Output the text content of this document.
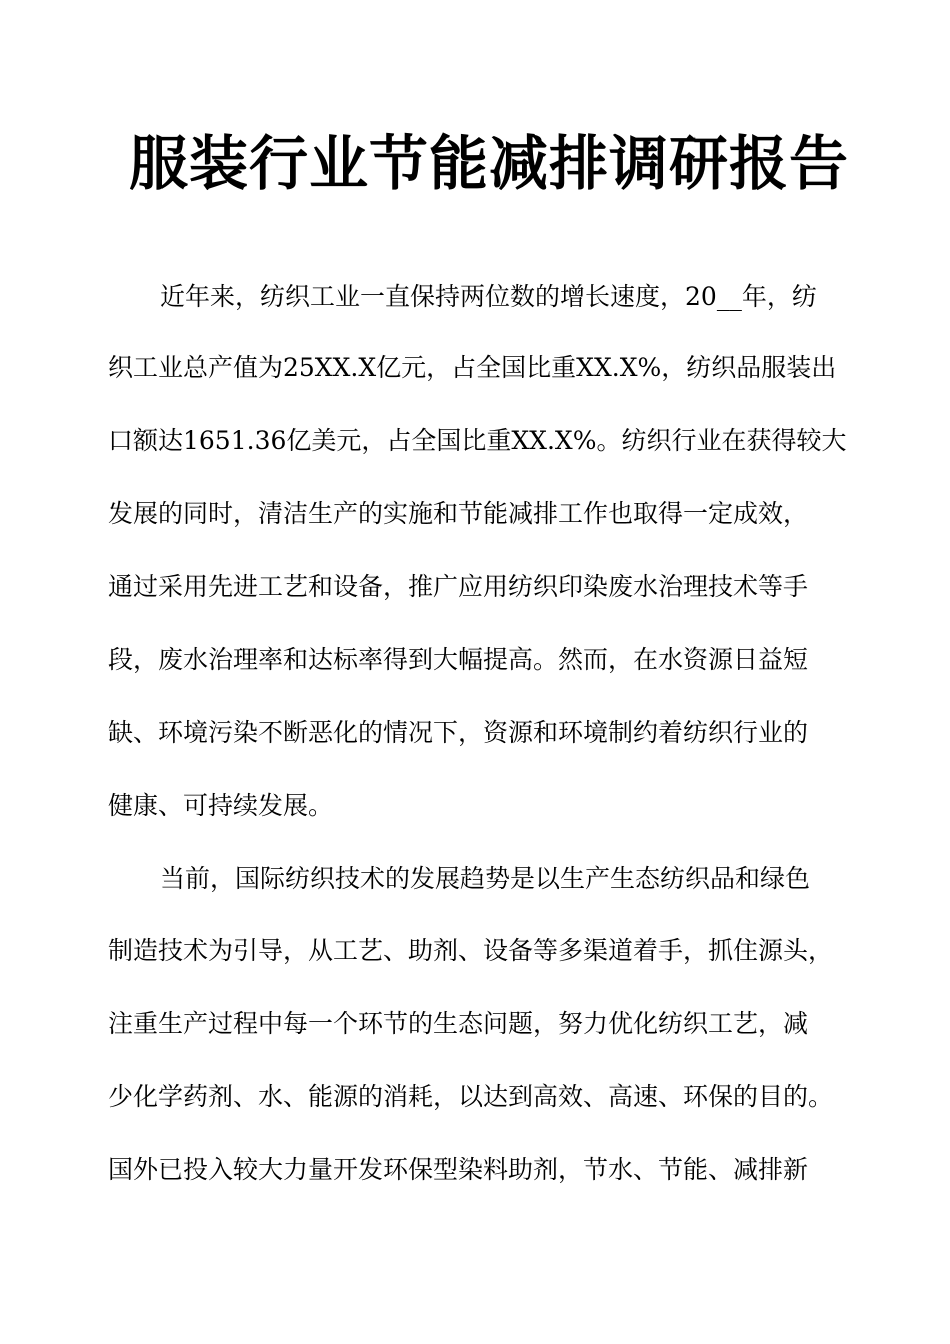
服装行业节能减排调研报告

近年来，纺织工业一直保持两位数的增长速度，20__年，纺

织工业总产值为25XX.X亿元，占全国比重XX.X%，纺织品服装出

口额达1651.36亿美元，占全国比重XX.X%。纺织行业在获得较大

发展的同时，清洁生产的实施和节能减排工作也取得一定成效，

通过采用先进工艺和设备，推广应用纺织印染废水治理技术等手

段，废水治理率和达标率得到大幅提高。然而，在水资源日益短

缺、环境污染不断恶化的情况下，资源和环境制约着纺织行业的

健康、可持续发展。

当前，国际纺织技术的发展趋势是以生产生态纺织品和绿色

制造技术为引导，从工艺、助剂、设备等多渠道着手，抓住源头，

注重生产过程中每一个环节的生态问题，努力优化纺织工艺，减

少化学药剂、水、能源的消耗，以达到高效、高速、环保的目的。

国外已投入较大力量开发环保型染料助剂，节水、节能、减排新
